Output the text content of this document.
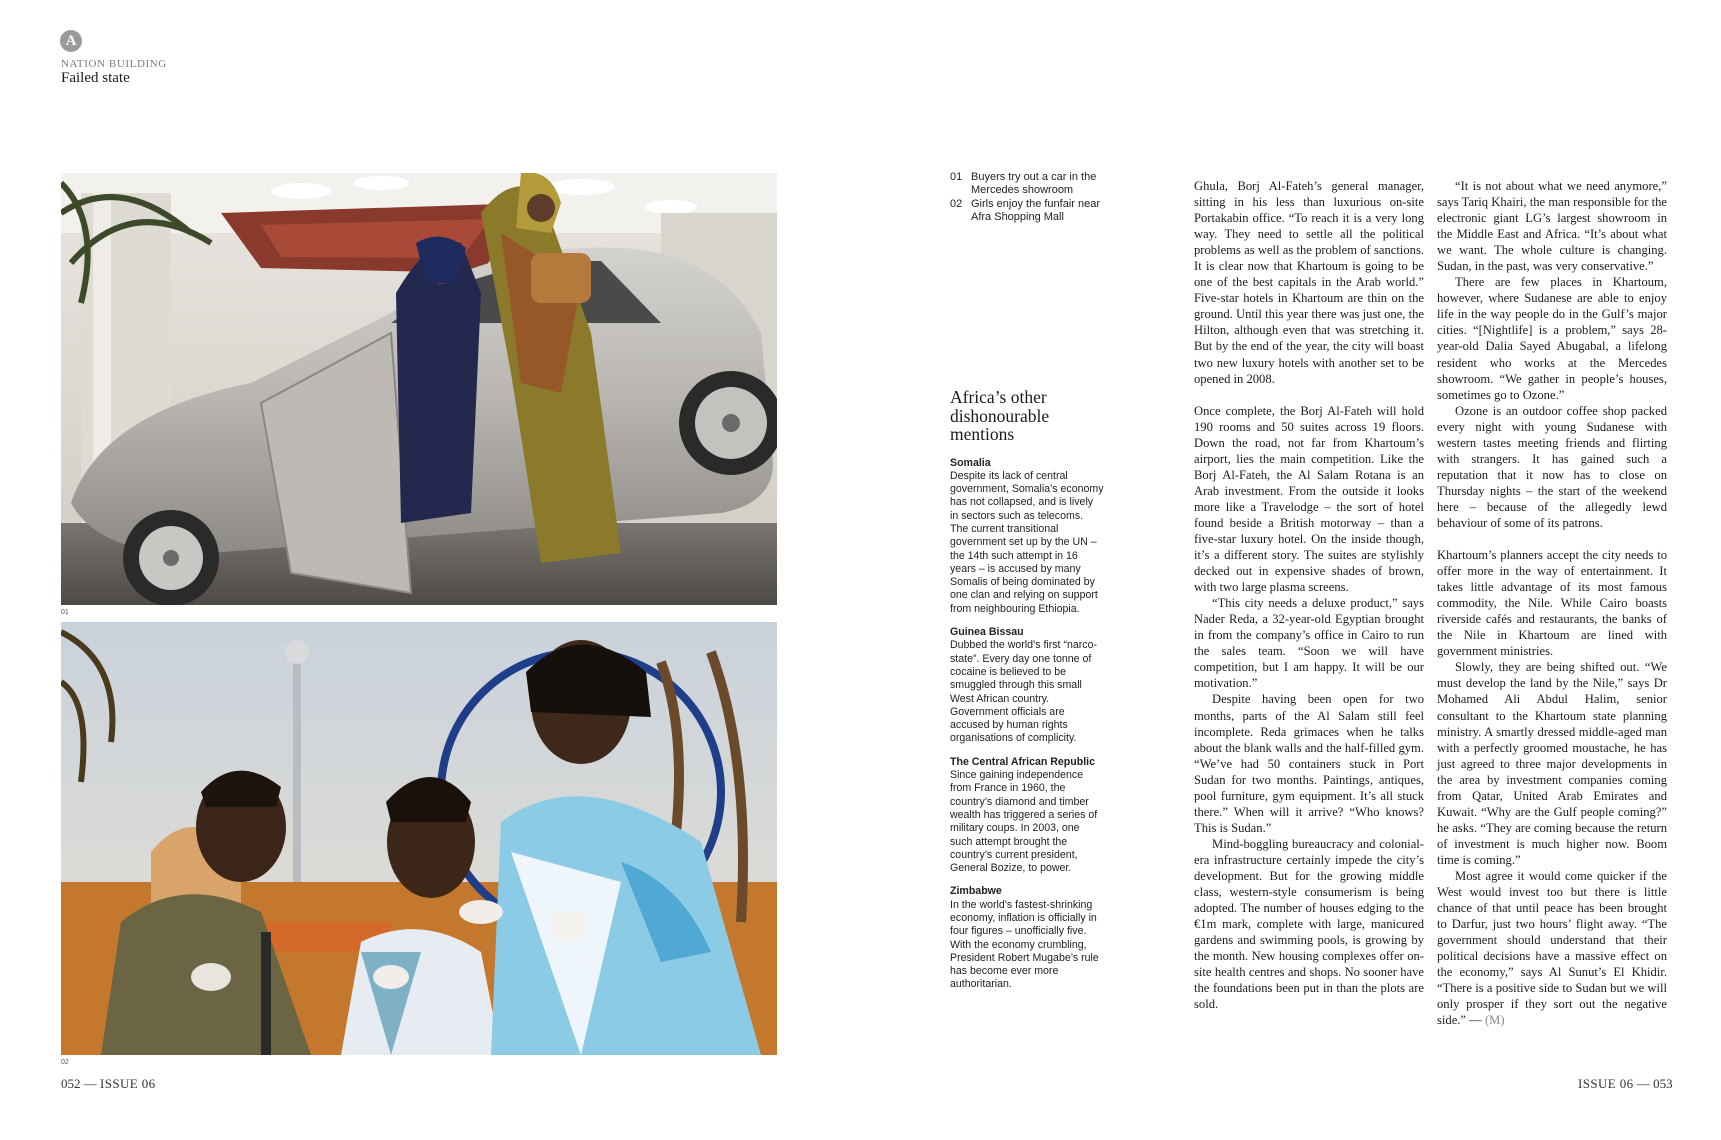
A
NATION BUILDING
Failed state
01
02
01 Buyers try out a car in the Mercedes showroom
02 Girls enjoy the funfair near Afra Shopping Mall
Africa’s other dishonourable mentions
Somalia
Despite its lack of central government, Somalia’s economy has not collapsed, and is lively in sectors such as telecoms. The current transitional government set up by the UN – the 14th such attempt in 16 years – is accused by many Somalis of being dominated by one clan and relying on support from neighbouring Ethiopia.
Guinea Bissau
Dubbed the world’s first “narco-state”. Every day one tonne of cocaine is believed to be smuggled through this small West African country. Government officials are accused by human rights organisations of complicity.
The Central African Republic
Since gaining independence from France in 1960, the country’s diamond and timber wealth has triggered a series of military coups. In 2003, one such attempt brought the country’s current president, General Bozize, to power.
Zimbabwe
In the world’s fastest-shrinking economy, inflation is officially in four figures – unofficially five. With the economy crumbling, President Robert Mugabe’s rule has become ever more authoritarian.

Ghula, Borj Al-Fateh’s general manager, sitting in his less than luxurious on-site Portakabin office. “To reach it is a very long way. They need to settle all the political problems as well as the problem of sanctions. It is clear now that Khartoum is going to be one of the best capitals in the Arab world.” Five-star hotels in Khartoum are thin on the ground. Until this year there was just one, the Hilton, although even that was stretching it. But by the end of the year, the city will boast two new luxury hotels with another set to be opened in 2008.

Once complete, the Borj Al-Fateh will hold 190 rooms and 50 suites across 19 floors. Down the road, not far from Khartoum’s airport, lies the main competition. Like the Borj Al-Fateh, the Al Salam Rotana is an Arab investment. From the outside it looks more like a Travelodge – the sort of hotel found beside a British motorway – than a five-star luxury hotel. On the inside though, it’s a different story. The suites are stylishly decked out in expensive shades of brown, with two large plasma screens.

“This city needs a deluxe product,” says Nader Reda, a 32-year-old Egyptian brought in from the company’s office in Cairo to run the sales team. “Soon we will have competition, but I am happy. It will be our motivation.”

Despite having been open for two months, parts of the Al Salam still feel incomplete. Reda grimaces when he talks about the blank walls and the half-filled gym. “We’ve had 50 containers stuck in Port Sudan for two months. Paintings, antiques, pool furniture, gym equipment. It’s all stuck there.” When will it arrive? “Who knows? This is Sudan.”

Mind-boggling bureaucracy and colonial-era infrastructure certainly impede the city’s development. But for the growing middle class, western-style consumerism is being adopted. The number of houses edging to the €1m mark, complete with large, manicured gardens and swimming pools, is growing by the month. New housing complexes offer on-site health centres and shops. No sooner have the foundations been put in than the plots are sold.

“It is not about what we need anymore,” says Tariq Khairi, the man responsible for the electronic giant LG’s largest showroom in the Middle East and Africa. “It’s about what we want. The whole culture is changing. Sudan, in the past, was very conservative.”

There are few places in Khartoum, however, where Sudanese are able to enjoy life in the way people do in the Gulf’s major cities. “[Nightlife] is a problem,” says 28-year-old Dalia Sayed Abugabal, a lifelong resident who works at the Mercedes showroom. “We gather in people’s houses, sometimes go to Ozone.”

Ozone is an outdoor coffee shop packed every night with young Sudanese with western tastes meeting friends and flirting with strangers. It has gained such a reputation that it now has to close on Thursday nights – the start of the weekend here – because of the allegedly lewd behaviour of some of its patrons.

Khartoum’s planners accept the city needs to offer more in the way of entertainment. It takes little advantage of its most famous commodity, the Nile. While Cairo boasts riverside cafés and restaurants, the banks of the Nile in Khartoum are lined with government ministries.

Slowly, they are being shifted out. “We must develop the land by the Nile,” says Dr Mohamed Ali Abdul Halim, senior consultant to the Khartoum state planning ministry. A smartly dressed middle-aged man with a perfectly groomed moustache, he has just agreed to three major developments in the area by investment companies coming from Qatar, United Arab Emirates and Kuwait. “Why are the Gulf people coming?” he asks. “They are coming because the return of investment is much higher now. Boom time is coming.”

Most agree it would come quicker if the West would invest too but there is little chance of that until peace has been brought to Darfur, just two hours’ flight away. “The government should understand that their political decisions have a massive effect on the economy,” says Al Sunut’s El Khidir. “There is a positive side to Sudan but we will only prosper if they sort out the negative side.” — (M)

052 — ISSUE 06	ISSUE 06 — 053
